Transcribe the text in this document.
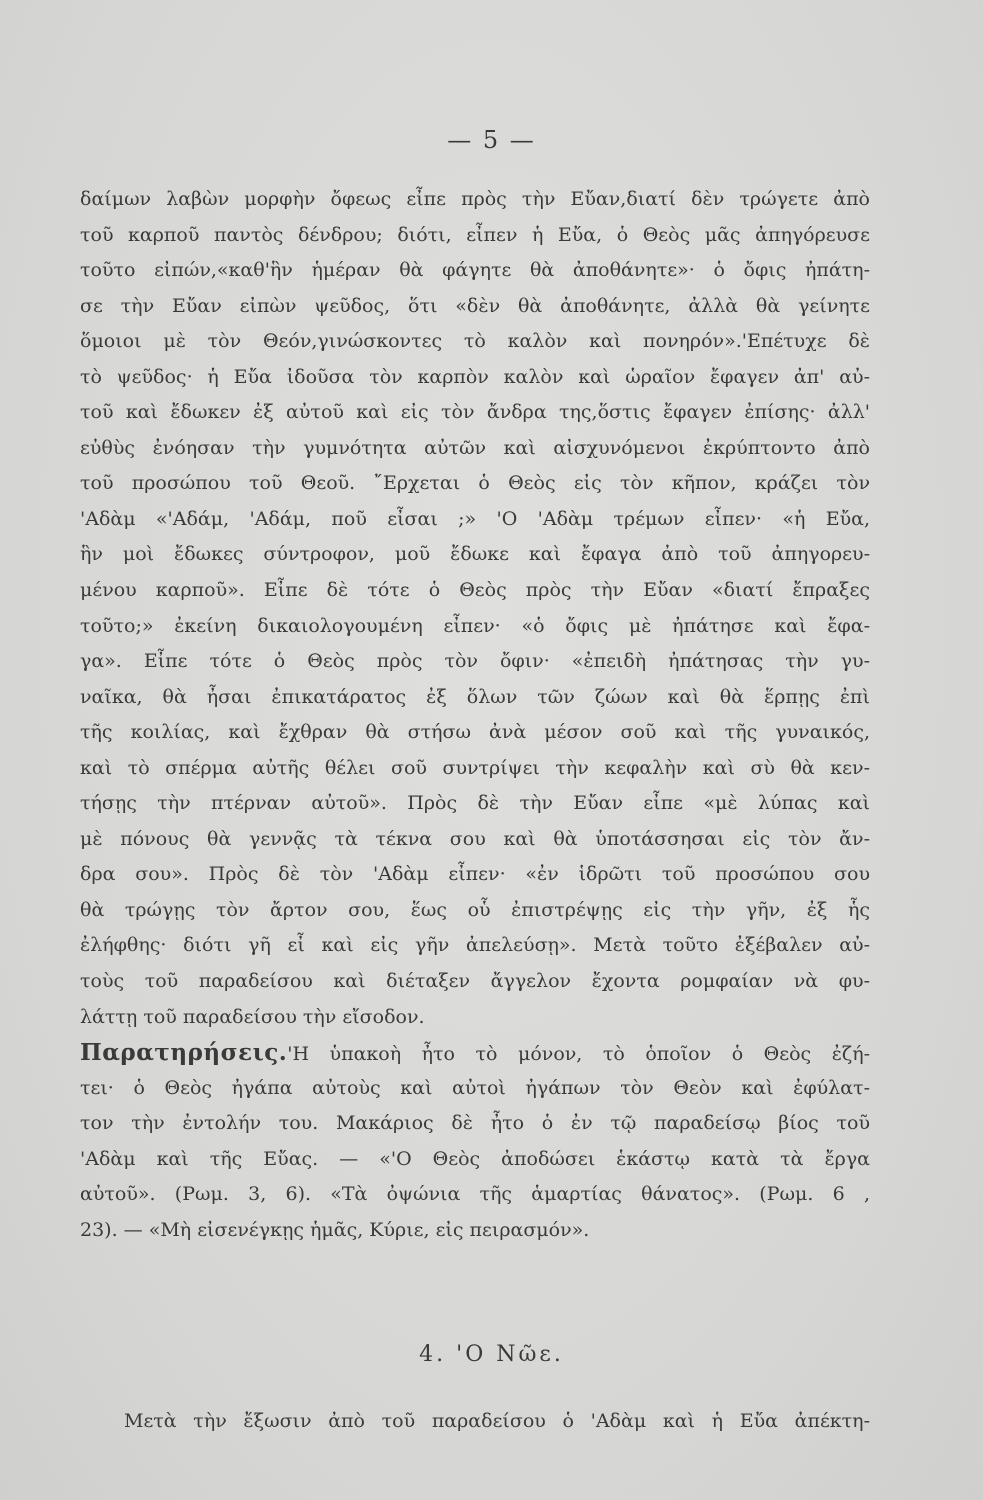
— 5 —
δαίμων λαβὼν μορφὴν ὄφεως εἶπε πρὸς τὴν Εὔαν,διατί δὲν τρώγετε ἀπὸ
τοῦ καρποῦ παντὸς δένδρου; διότι, εἶπεν ἡ Εὔα, ὁ Θεὸς μᾶς ἀπηγόρευσε
τοῦτο εἰπών,«καθ'ἣν ἡμέραν θὰ φάγητε θὰ ἀποθάνητε»· ὁ ὄφις ἠπάτη-
σε τὴν Εὔαν εἰπὼν ψεῦδος, ὅτι «δὲν θὰ ἀποθάνητε, ἀλλὰ θὰ γείνητε
ὅμοιοι μὲ τὸν Θεόν,γινώσκοντες τὸ καλὸν καὶ πονηρόν».'Επέτυχε δὲ
τὸ ψεῦδος· ἡ Εὔα ἰδοῦσα τὸν καρπὸν καλὸν καὶ ὡραῖον ἔφαγεν ἀπ' αὐ-
τοῦ καὶ ἔδωκεν ἐξ αὐτοῦ καὶ εἰς τὸν ἄνδρα της,ὅστις ἔφαγεν ἐπίσης· ἀλλ'
εὐθὺς ἐνόησαν τὴν γυμνότητα αὐτῶν καὶ αἰσχυνόμενοι ἐκρύπτοντο ἀπὸ
τοῦ προσώπου τοῦ Θεοῦ. ῎Ερχεται ὁ Θεὸς εἰς τὸν κῆπον, κράζει τὸν
'Αδὰμ «'Αδάμ, 'Αδάμ, ποῦ εἶσαι ;» 'Ο 'Αδὰμ τρέμων εἶπεν· «ἡ Εὔα,
ἣν μοὶ ἔδωκες σύντροφον, μοῦ ἔδωκε καὶ ἔφαγα ἀπὸ τοῦ ἀπηγορευ-
μένου καρποῦ». Εἶπε δὲ τότε ὁ Θεὸς πρὸς τὴν Εὔαν «διατί ἔπραξες
τοῦτο;» ἐκείνη δικαιολογουμένη εἶπεν· «ὁ ὄφις μὲ ἠπάτησε καὶ ἔφα-
γα». Εἶπε τότε ὁ Θεὸς πρὸς τὸν ὄφιν· «ἐπειδὴ ἠπάτησας τὴν γυ-
ναῖκα, θὰ ἦσαι ἐπικατάρατος ἐξ ὅλων τῶν ζώων καὶ θὰ ἕρπῃς ἐπὶ
τῆς κοιλίας, καὶ ἔχθραν θὰ στήσω ἀνὰ μέσον σοῦ καὶ τῆς γυναικός,
καὶ τὸ σπέρμα αὐτῆς θέλει σοῦ συντρίψει τὴν κεφαλὴν καὶ σὺ θὰ κεν-
τήσῃς τὴν πτέρναν αὐτοῦ». Πρὸς δὲ τὴν Εὔαν εἶπε «μὲ λύπας καὶ
μὲ πόνους θὰ γεννᾷς τὰ τέκνα σου καὶ θὰ ὑποτάσσησαι εἰς τὸν ἄν-
δρα σου». Πρὸς δὲ τὸν 'Αδὰμ εἶπεν· «ἐν ἱδρῶτι τοῦ προσώπου σου
θὰ τρώγῃς τὸν ἄρτον σου, ἕως οὗ ἐπιστρέψῃς εἰς τὴν γῆν, ἐξ ἧς
ἐλήφθης· διότι γῆ εἶ καὶ εἰς γῆν ἀπελεύσῃ». Μετὰ τοῦτο ἐξέβαλεν αὐ-
τοὺς τοῦ παραδείσου καὶ διέταξεν ἄγγελον ἔχοντα ρομφαίαν νὰ φυ-
λάττῃ τοῦ παραδείσου τὴν εἴσοδον.
Παρατηρήσεις.'Η ὑπακοὴ ἦτο τὸ μόνον, τὸ ὁποῖον ὁ Θεὸς ἐζή-
τει· ὁ Θεὸς ἠγάπα αὐτοὺς καὶ αὐτοὶ ἠγάπων τὸν Θεὸν καὶ ἐφύλατ-
τον τὴν ἐντολήν του. Μακάριος δὲ ἦτο ὁ ἐν τῷ παραδείσῳ βίος τοῦ
'Αδὰμ καὶ τῆς Εὔας. — «'Ο Θεὸς ἀποδώσει ἑκάστῳ κατὰ τὰ ἔργα
αὐτοῦ». (Ρωμ. 3, 6). «Τὰ ὀψώνια τῆς ἁμαρτίας θάνατος». (Ρωμ. 6 ,
23). — «Μὴ εἰσενέγκῃς ἡμᾶς, Κύριε, εἰς πειρασμόν».
4. 'Ο Νῶε.
Μετὰ τὴν ἔξωσιν ἀπὸ τοῦ παραδείσου ὁ 'Αδὰμ καὶ ἡ Εὔα ἀπέκτη-
